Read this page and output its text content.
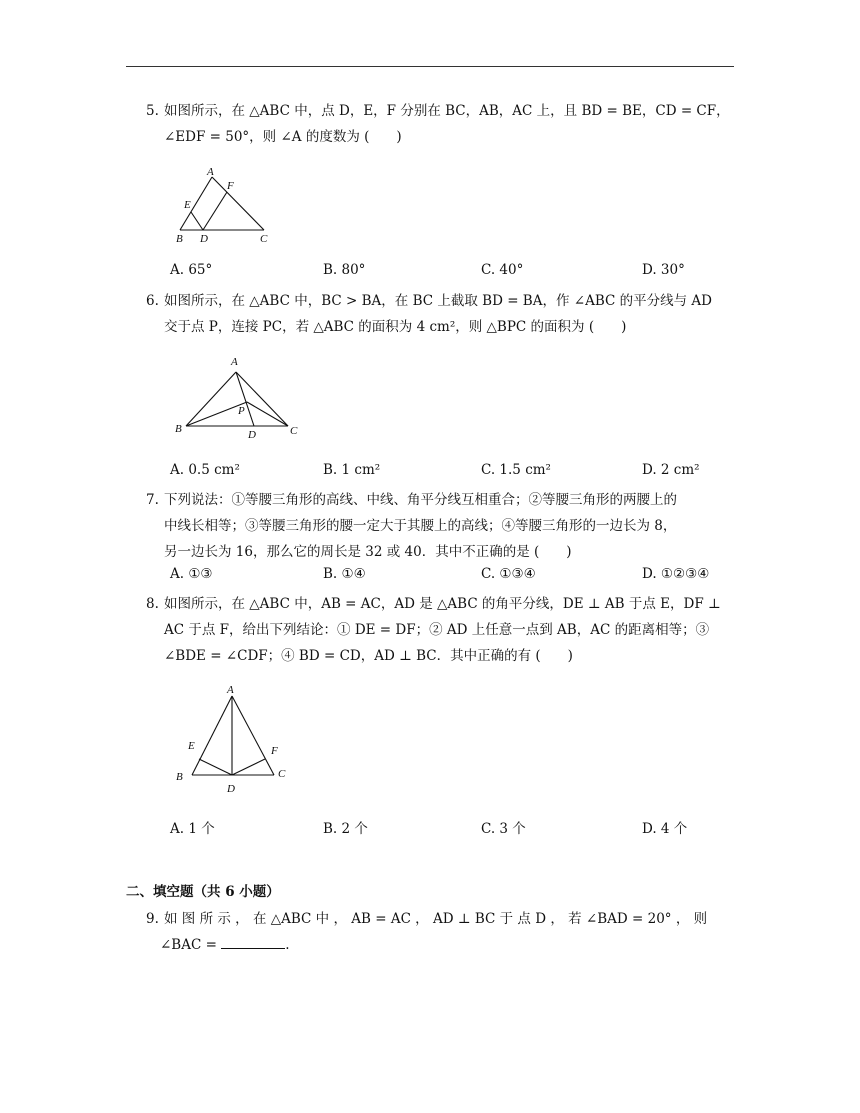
5. 如图所示，在 △ABC 中，点 D，E，F 分别在 BC，AB，AC 上，且 BD = BE，CD = CF，
∠EDF = 50°，则 ∠A 的度数为 (　　)
A
F
E
B D	C
A. 65°	B. 80°	C. 40°	D. 30°
6. 如图所示，在 △ABC 中，BC > BA，在 BC 上截取 BD = BA，作 ∠ABC 的平分线与 AD
交于点 P，连接 PC，若 △ABC 的面积为 4 cm²，则 △BPC 的面积为 (　　)
A
P
B	D	C
A. 0.5 cm²	B. 1 cm²	C. 1.5 cm²	D. 2 cm²
7. 下列说法：①等腰三角形的高线、中线、角平分线互相重合；②等腰三角形的两腰上的
中线长相等；③等腰三角形的腰一定大于其腰上的高线；④等腰三角形的一边长为 8，
另一边长为 16，那么它的周长是 32 或 40．其中不正确的是 (　　)
A. ①③	B. ①④	C. ①③④	D. ①②③④
8. 如图所示，在 △ABC 中，AB = AC，AD 是 △ABC 的角平分线，DE ⊥ AB 于点 E，DF ⊥
AC 于点 F，给出下列结论：① DE = DF；② AD 上任意一点到 AB，AC 的距离相等；③
∠BDE = ∠CDF；④ BD = CD，AD ⊥ BC．其中正确的有 (　　)
A
E	F
B	C
D
A. 1 个	B. 2 个	C. 3 个	D. 4 个
二、填空题（共 6 小题）
9. 如 图 所 示 ， 在 △ABC 中 ， AB = AC ， AD ⊥ BC 于 点 D ， 若 ∠BAD = 20° ， 则
∠BAC =	.
